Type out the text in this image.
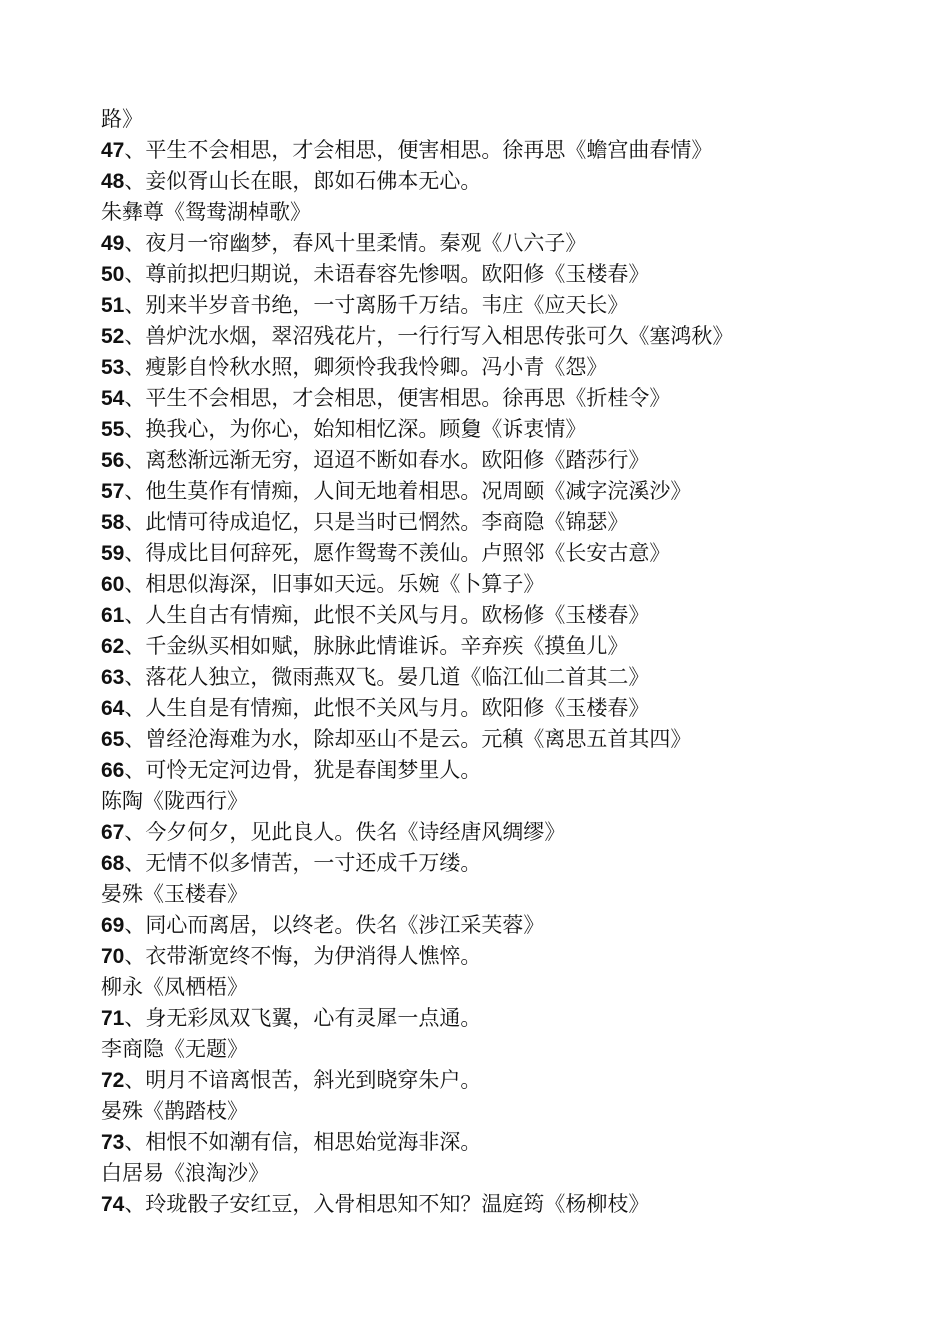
路》
47、平生不会相思，才会相思，便害相思。徐再思《蟾宫曲春情》
48、妾似胥山长在眼，郎如石佛本无心。
朱彝尊《鸳鸯湖棹歌》
49、夜月一帘幽梦，春风十里柔情。秦观《八六子》
50、尊前拟把归期说，未语春容先惨咽。欧阳修《玉楼春》
51、别来半岁音书绝，一寸离肠千万结。韦庄《应天长》
52、兽炉沈水烟，翠沼残花片，一行行写入相思传张可久《塞鸿秋》
53、瘦影自怜秋水照，卿须怜我我怜卿。冯小青《怨》
54、平生不会相思，才会相思，便害相思。徐再思《折桂令》
55、换我心，为你心，始知相忆深。顾敻《诉衷情》
56、离愁渐远渐无穷，迢迢不断如春水。欧阳修《踏莎行》
57、他生莫作有情痴，人间无地着相思。况周颐《减字浣溪沙》
58、此情可待成追忆，只是当时已惘然。李商隐《锦瑟》
59、得成比目何辞死，愿作鸳鸯不羡仙。卢照邻《长安古意》
60、相思似海深，旧事如天远。乐婉《卜算子》
61、人生自古有情痴，此恨不关风与月。欧杨修《玉楼春》
62、千金纵买相如赋，脉脉此情谁诉。辛弃疾《摸鱼儿》
63、落花人独立，微雨燕双飞。晏几道《临江仙二首其二》
64、人生自是有情痴，此恨不关风与月。欧阳修《玉楼春》
65、曾经沧海难为水，除却巫山不是云。元稹《离思五首其四》
66、可怜无定河边骨，犹是春闺梦里人。
陈陶《陇西行》
67、今夕何夕，见此良人。佚名《诗经唐风绸缪》
68、无情不似多情苦，一寸还成千万缕。
晏殊《玉楼春》
69、同心而离居，以终老。佚名《涉江采芙蓉》
70、衣带渐宽终不悔，为伊消得人憔悴。
柳永《凤栖梧》
71、身无彩凤双飞翼，心有灵犀一点通。
李商隐《无题》
72、明月不谙离恨苦，斜光到晓穿朱户。
晏殊《鹊踏枝》
73、相恨不如潮有信，相思始觉海非深。
白居易《浪淘沙》
74、玲珑骰子安红豆，入骨相思知不知？温庭筠《杨柳枝》
